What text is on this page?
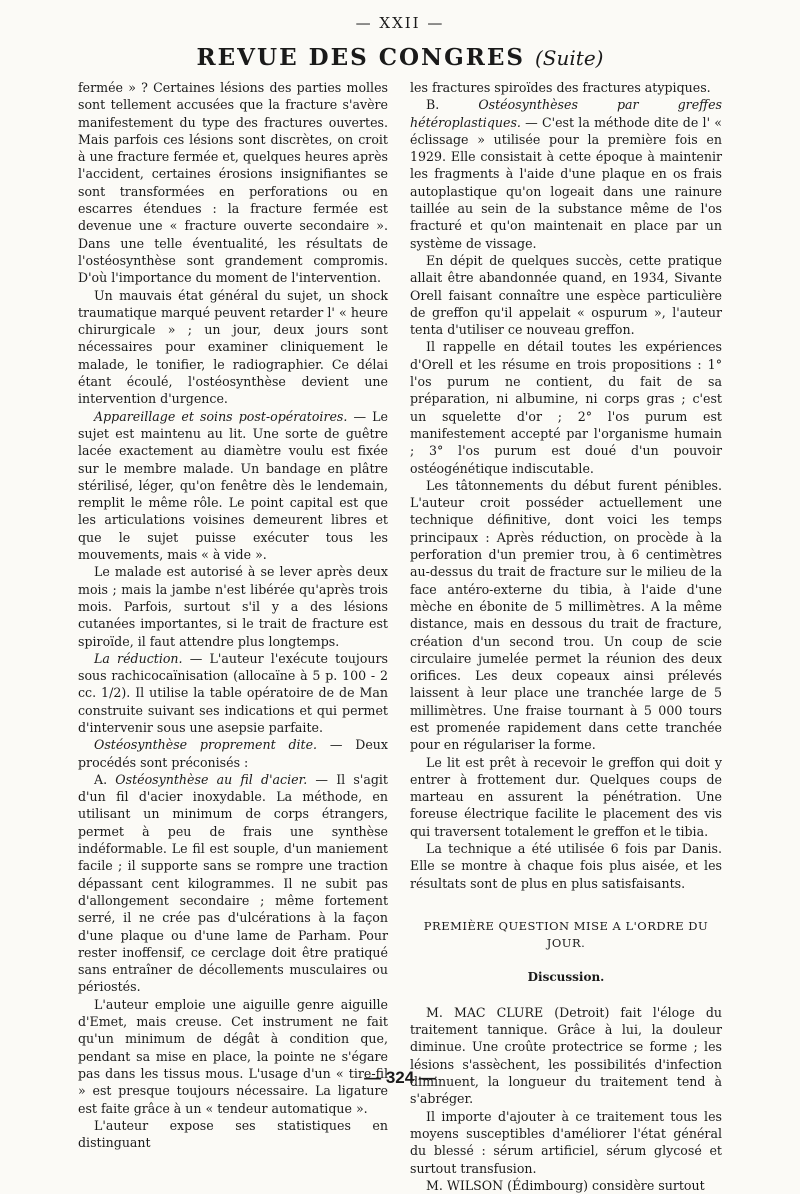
— XXII —
REVUE DES CONGRES (Suite)

fermée » ? Certaines lésions des parties molles sont tellement accusées que la fracture s'avère manifestement du type des fractures ouvertes. Mais parfois ces lésions sont discrètes, on croit à une fracture fermée et, quelques heures après l'accident, certaines érosions insignifiantes se sont transformées en perforations ou en escarres étendues : la fracture fermée est devenue une « fracture ouverte secondaire ». Dans une telle éventualité, les résultats de l'ostéosynthèse sont grandement compromis. D'où l'importance du moment de l'intervention.

Un mauvais état général du sujet, un shock traumatique marqué peuvent retarder l' « heure chirurgicale » ; un jour, deux jours sont nécessaires pour examiner cliniquement le malade, le tonifier, le radiographier. Ce délai étant écoulé, l'ostéosynthèse devient une intervention d'urgence.

Appareillage et soins post-opératoires. — Le sujet est maintenu au lit. Une sorte de guêtre lacée exactement au diamètre voulu est fixée sur le membre malade. Un bandage en plâtre stérilisé, léger, qu'on fenêtre dès le lendemain, remplit le même rôle. Le point capital est que les articulations voisines demeurent libres et que le sujet puisse exécuter tous les mouvements, mais « à vide ».

Le malade est autorisé à se lever après deux mois ; mais la jambe n'est libérée qu'après trois mois. Parfois, surtout s'il y a des lésions cutanées importantes, si le trait de fracture est spiroïde, il faut attendre plus longtemps.

La réduction. — L'auteur l'exécute toujours sous rachicocaïnisation (allocaïne à 5 p. 100 - 2 cc. 1/2). Il utilise la table opératoire de de Man construite suivant ses indications et qui permet d'intervenir sous une asepsie parfaite.

Ostéosynthèse proprement dite. — Deux procédés sont préconisés :

A. Ostéosynthèse au fil d'acier. — Il s'agit d'un fil d'acier inoxydable. La méthode, en utilisant un minimum de corps étrangers, permet à peu de frais une synthèse indéformable. Le fil est souple, d'un maniement facile ; il supporte sans se rompre une traction dépassant cent kilogrammes. Il ne subit pas d'allongement secondaire ; même fortement serré, il ne crée pas d'ulcérations à la façon d'une plaque ou d'une lame de Parham. Pour rester inoffensif, ce cerclage doit être pratiqué sans entraîner de décollements musculaires ou périostés.

L'auteur emploie une aiguille genre aiguille d'Emet, mais creuse. Cet instrument ne fait qu'un minimum de dégât à condition que, pendant sa mise en place, la pointe ne s'égare pas dans les tissus mous. L'usage d'un « tire-fil » est presque toujours nécessaire. La ligature est faite grâce à un « tendeur automatique ».

L'auteur expose ses statistiques en distinguant

les fractures spiroïdes des fractures atypiques.

B. Ostéosynthèses par greffes hétéroplastiques. — C'est la méthode dite de l' « éclissage » utilisée pour la première fois en 1929. Elle consistait à cette époque à maintenir les fragments à l'aide d'une plaque en os frais autoplastique qu'on logeait dans une rainure taillée au sein de la substance même de l'os fracturé et qu'on maintenait en place par un système de vissage.

En dépit de quelques succès, cette pratique allait être abandonnée quand, en 1934, Sivante Orell faisant connaître une espèce particulière de greffon qu'il appelait « ospurum », l'auteur tenta d'utiliser ce nouveau greffon.

Il rappelle en détail toutes les expériences d'Orell et les résume en trois propositions : 1° l'os purum ne contient, du fait de sa préparation, ni albumine, ni corps gras ; c'est un squelette d'or ; 2° l'os purum est manifestement accepté par l'organisme humain ; 3° l'os purum est doué d'un pouvoir ostéogénétique indiscutable.

Les tâtonnements du début furent pénibles. L'auteur croit posséder actuellement une technique définitive, dont voici les temps principaux : Après réduction, on procède à la perforation d'un premier trou, à 6 centimètres au-dessus du trait de fracture sur le milieu de la face antéro-externe du tibia, à l'aide d'une mèche en ébonite de 5 millimètres. A la même distance, mais en dessous du trait de fracture, création d'un second trou. Un coup de scie circulaire jumelée permet la réunion des deux orifices. Les deux copeaux ainsi prélevés laissent à leur place une tranchée large de 5 millimètres. Une fraise tournant à 5 000 tours est promenée rapidement dans cette tranchée pour en régulariser la forme.

Le lit est prêt à recevoir le greffon qui doit y entrer à frottement dur. Quelques coups de marteau en assurent la pénétration. Une foreuse électrique facilite le placement des vis qui traversent totalement le greffon et le tibia.

La technique a été utilisée 6 fois par Danis. Elle se montre à chaque fois plus aisée, et les résultats sont de plus en plus satisfaisants.

PREMIÈRE QUESTION MISE A L'ORDRE DU JOUR.

Discussion.

M. MAC CLURE (Detroit) fait l'éloge du traitement tannique. Grâce à lui, la douleur diminue. Une croûte protectrice se forme ; les lésions s'assèchent, les possibilités d'infection diminuent, la longueur du traitement tend à s'abréger.

Il importe d'ajouter à ce traitement tous les moyens susceptibles d'améliorer l'état général du blessé : sérum artificiel, sérum glycosé et surtout transfusion.

M. WILSON (Édimbourg) considère surtout

— 324 —
